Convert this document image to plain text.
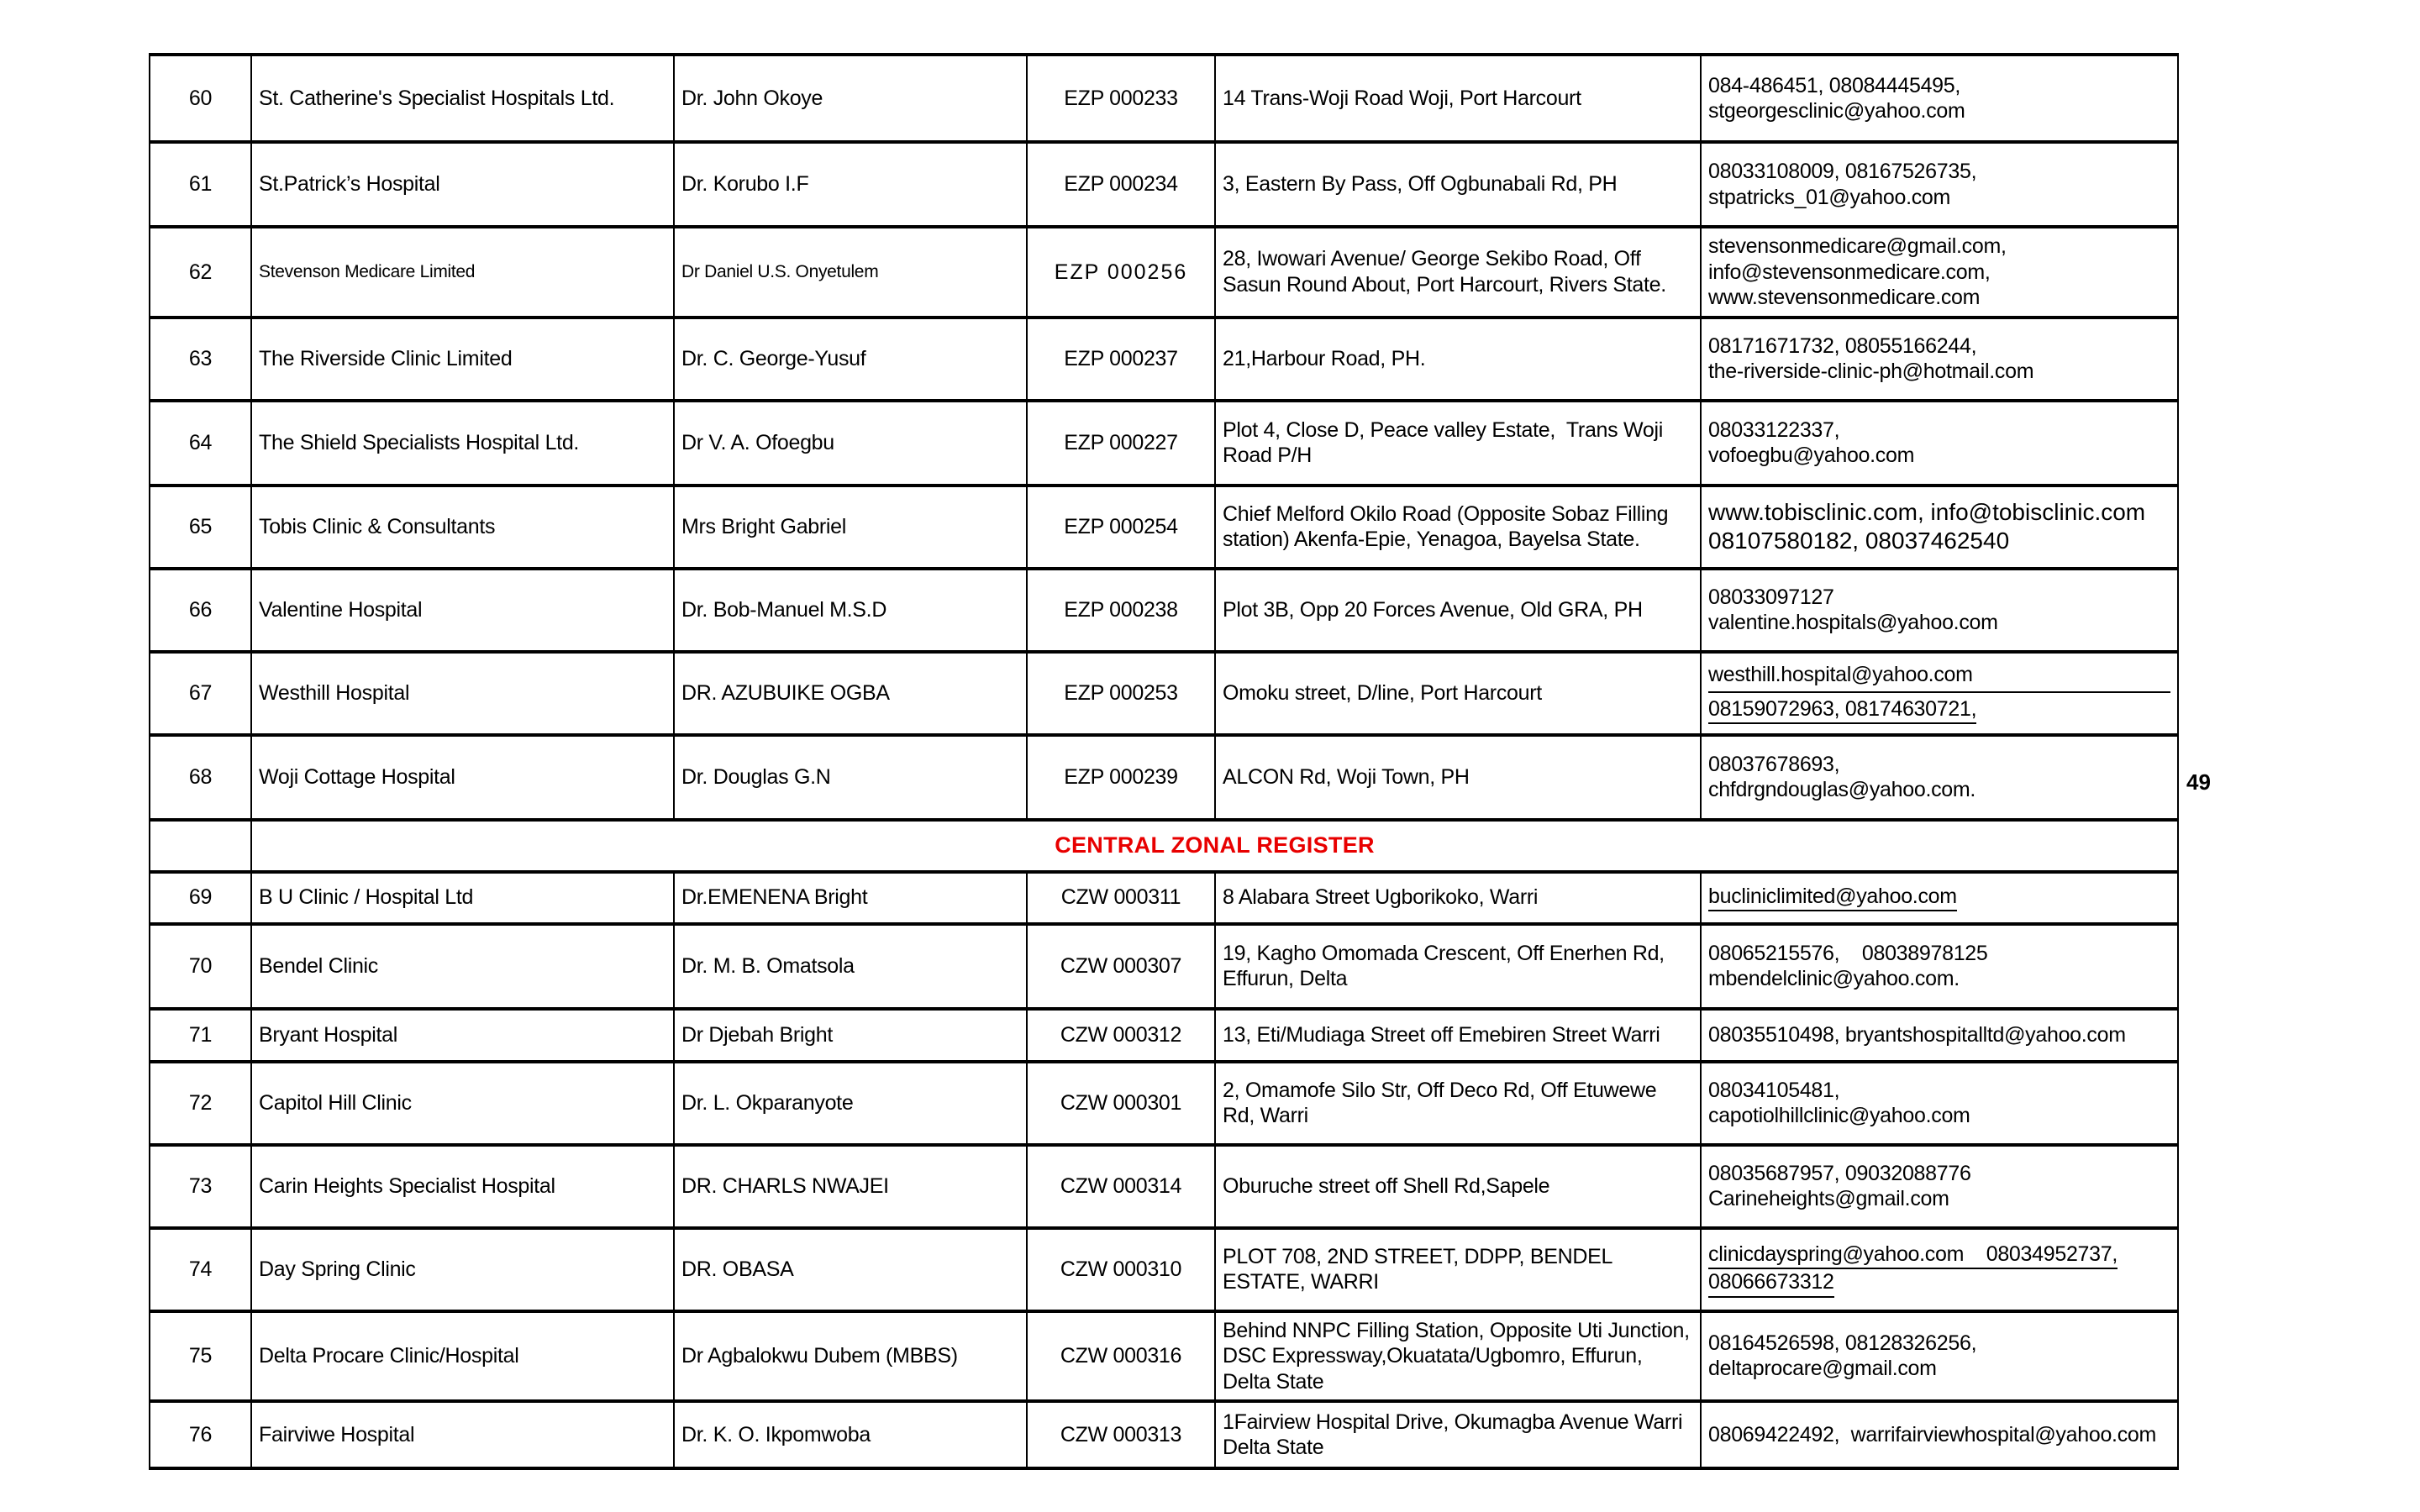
60	St. Catherine's Specialist Hospitals Ltd.	Dr. John Okoye	EZP 000233	14 Trans-Woji Road Woji, Port Harcourt	084-486451, 08084445495,
stgeorgesclinic@yahoo.com

61	St.Patrick’s Hospital	Dr. Korubo I.F	EZP 000234	3, Eastern By Pass, Off Ogbunabali Rd, PH	08033108009, 08167526735,
stpatricks_01@yahoo.com

62	Stevenson Medicare Limited	Dr Daniel U.S. Onyetulem	EZP 000256	28, Iwowari Avenue/ George Sekibo Road, Off Sasun Round About, Port Harcourt, Rivers State.	stevensonmedicare@gmail.com,
info@stevensonmedicare.com,
www.stevensonmedicare.com

63	The Riverside Clinic Limited	Dr. C. George-Yusuf	EZP 000237	21,Harbour Road, PH.	08171671732, 08055166244,
the-riverside-clinic-ph@hotmail.com

64	The Shield Specialists Hospital Ltd.	Dr V. A. Ofoegbu	EZP 000227	Plot 4, Close D, Peace valley Estate,  Trans Woji Road P/H	08033122337,
vofoegbu@yahoo.com

65	Tobis Clinic & Consultants	Mrs Bright Gabriel	EZP 000254	Chief Melford Okilo Road (Opposite Sobaz Filling station) Akenfa-Epie, Yenagoa, Bayelsa State.	www.tobisclinic.com, info@tobisclinic.com
08107580182, 08037462540

66	Valentine Hospital	Dr. Bob-Manuel M.S.D	EZP 000238	Plot 3B, Opp 20 Forces Avenue, Old GRA, PH	08033097127
valentine.hospitals@yahoo.com

67	Westhill Hospital	DR. AZUBUIKE OGBA	EZP 000253	Omoku street, D/line, Port Harcourt	westhill.hospital@yahoo.com
08159072963, 08174630721,

68	Woji Cottage Hospital	Dr. Douglas G.N	EZP 000239	ALCON Rd, Woji Town, PH	08037678693,
chfdrgndouglas@yahoo.com.

	CENTRAL ZONAL REGISTER				
69	B U Clinic / Hospital Ltd	Dr.EMENENA Bright	CZW 000311	8 Alabara Street Ugborikoko, Warri	bucliniclimited@yahoo.com

70	Bendel Clinic	Dr. M. B. Omatsola	CZW 000307	19, Kagho Omomada Crescent, Off Enerhen Rd, Effurun, Delta	08065215576,    08038978125
mbendelclinic@yahoo.com.

71	Bryant Hospital	Dr Djebah Bright	CZW 000312	13, Eti/Mudiaga Street off Emebiren Street Warri	08035510498, bryantshospitalltd@yahoo.com

72	Capitol Hill Clinic	Dr. L. Okparanyote	CZW 000301	2, Omamofe Silo Str, Off Deco Rd, Off Etuwewe Rd, Warri	08034105481,
capotiolhillclinic@yahoo.com

73	Carin Heights Specialist Hospital	DR. CHARLS NWAJEI	CZW 000314	Oburuche street off Shell Rd,Sapele	08035687957, 09032088776
Carineheights@gmail.com

74	Day Spring Clinic	DR. OBASA	CZW 000310	PLOT 708, 2ND STREET, DDPP, BENDEL ESTATE, WARRI	clinicdayspring@yahoo.com    08034952737,
08066673312

75	Delta Procare Clinic/Hospital	Dr Agbalokwu Dubem (MBBS)	CZW 000316	Behind NNPC Filling Station, Opposite Uti Junction, DSC Expressway,Okuatata/Ugbomro, Effurun, Delta State	08164526598, 08128326256,
deltaprocare@gmail.com

76	Fairviwe Hospital	Dr. K. O. Ikpomwoba	CZW 000313	1Fairview Hospital Drive, Okumagba Avenue Warri Delta State	08069422492,  warrifairviewhospital@yahoo.com
49
